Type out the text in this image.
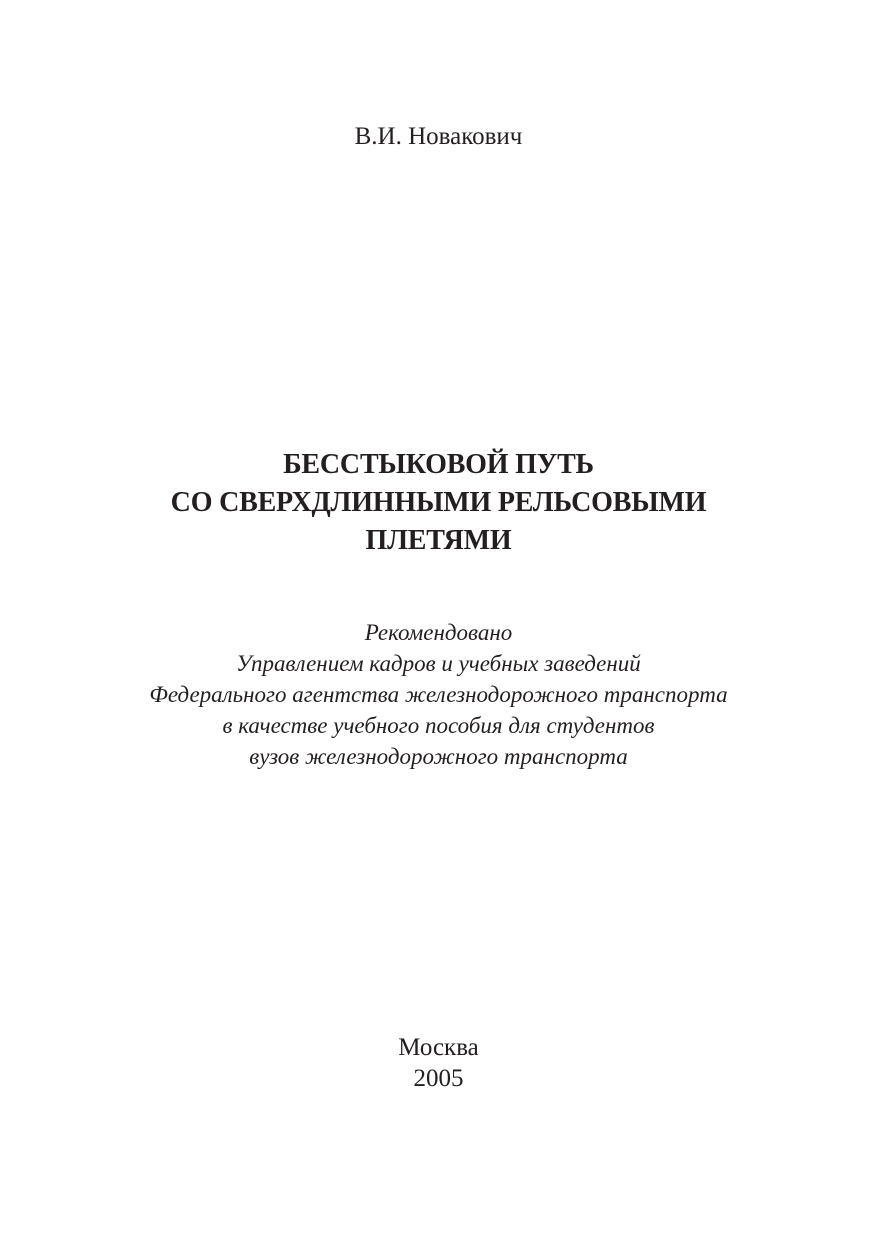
В.И. Новакович
БЕССТЫКОВОЙ ПУТЬ
СО СВЕРХДЛИННЫМИ РЕЛЬСОВЫМИ
ПЛЕТЯМИ
Рекомендовано
Управлением кадров и учебных заведений
Федерального агентства железнодорожного транспорта
в качестве учебного пособия для студентов
вузов железнодорожного транспорта
Москва
2005
